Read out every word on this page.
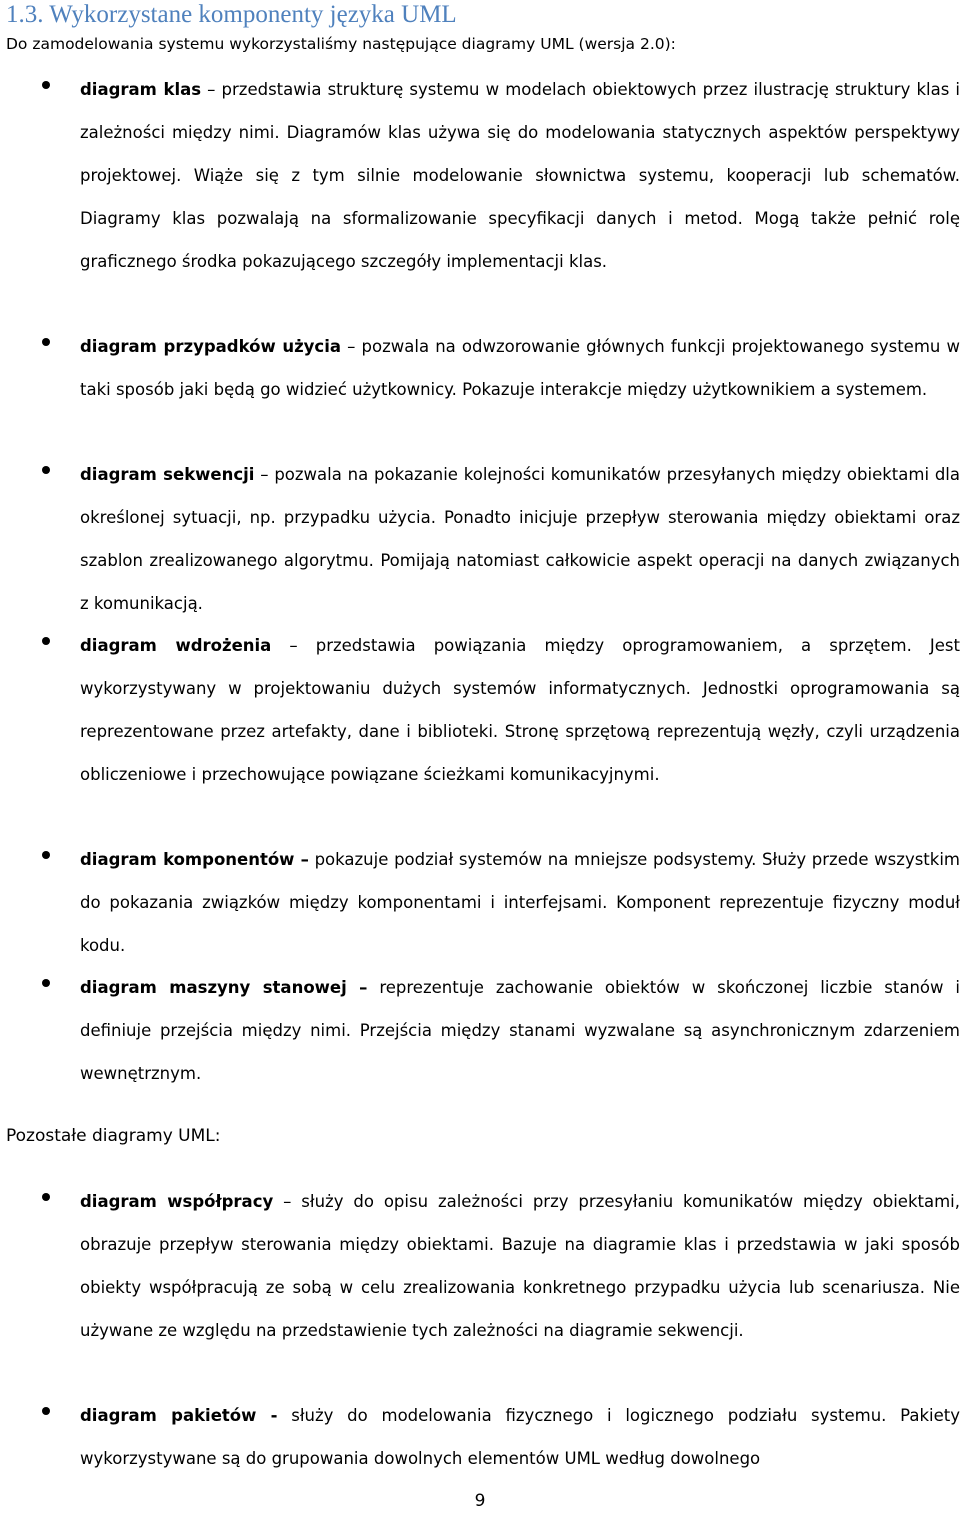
1.3. Wykorzystane komponenty języka UML

Do zamodelowania systemu wykorzystaliśmy następujące diagramy UML (wersja 2.0):

diagram klas – przedstawia strukturę systemu w modelach obiektowych przez ilustrację struktury klas i zależności między nimi. Diagramów klas używa się do modelowania statycznych aspektów perspektywy projektowej. Wiąże się z tym silnie modelowanie słownictwa systemu, kooperacji lub schematów. Diagramy klas pozwalają na sformalizowanie specyfikacji danych i metod. Mogą także pełnić rolę graficznego środka pokazującego szczegóły implementacji klas.

diagram przypadków użycia – pozwala na odwzorowanie głównych funkcji projektowanego systemu w taki sposób jaki będą go widzieć użytkownicy. Pokazuje interakcje między użytkownikiem a systemem.

diagram sekwencji – pozwala na pokazanie kolejności komunikatów przesyłanych między obiektami dla określonej sytuacji, np. przypadku użycia. Ponadto inicjuje przepływ sterowania między obiektami oraz szablon zrealizowanego algorytmu. Pomijają natomiast całkowicie aspekt operacji na danych związanych z komunikacją.

diagram wdrożenia – przedstawia powiązania między oprogramowaniem, a sprzętem. Jest wykorzystywany w projektowaniu dużych systemów informatycznych. Jednostki oprogramowania są reprezentowane przez artefakty, dane i biblioteki. Stronę sprzętową reprezentują węzły, czyli urządzenia obliczeniowe i przechowujące powiązane ścieżkami komunikacyjnymi.

diagram komponentów – pokazuje podział systemów na mniejsze podsystemy. Służy przede wszystkim do pokazania związków między komponentami i interfejsami. Komponent reprezentuje fizyczny moduł kodu.

diagram maszyny stanowej – reprezentuje zachowanie obiektów w skończonej liczbie stanów i definiuje przejścia między nimi. Przejścia między stanami wyzwalane są asynchronicznym zdarzeniem wewnętrznym.

Pozostałe diagramy UML:

diagram współpracy – służy do opisu zależności przy przesyłaniu komunikatów między obiektami, obrazuje przepływ sterowania między obiektami. Bazuje na diagramie klas i przedstawia w jaki sposób obiekty współpracują ze sobą w celu zrealizowania konkretnego przypadku użycia lub scenariusza. Nie używane ze względu na przedstawienie tych zależności na diagramie sekwencji.

diagram pakietów - służy do modelowania fizycznego i logicznego podziału systemu. Pakiety wykorzystywane są do grupowania dowolnych elementów UML według dowolnego

9
